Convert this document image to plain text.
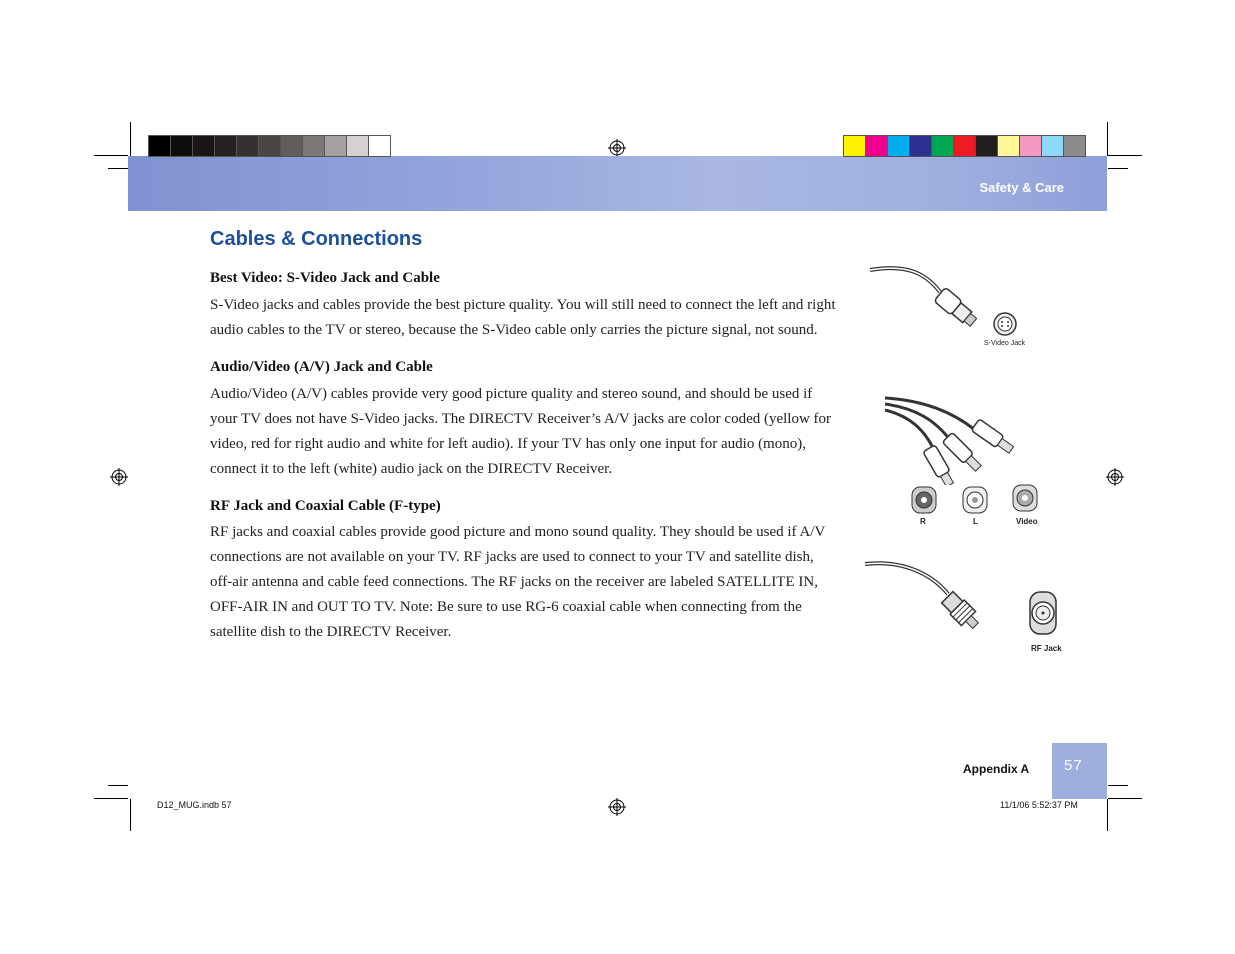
Safety & Care
Cables & Connections
Best Video: S-Video Jack and Cable
S-Video jacks and cables provide the best picture quality. You will still need to connect the left and right
audio cables to the TV or stereo, because the S-Video cable only carries the picture signal, not sound.
Audio/Video (A/V) Jack and Cable
Audio/Video (A/V) cables provide very good picture quality and stereo sound, and should be used if
your TV does not have S-Video jacks. The DIRECTV Receiver’s A/V jacks are color coded (yellow for
video, red for right audio and white for left audio). If your TV has only one input for audio (mono),
connect it to the left (white) audio jack on the DIRECTV Receiver.
RF Jack and Coaxial Cable (F-type)
RF jacks and coaxial cables provide good picture and mono sound quality. They should be used if A/V
connections are not available on your TV. RF jacks are used to connect to your TV and satellite dish,
off-air antenna and cable feed connections. The RF jacks on the receiver are labeled SATELLITE IN,
OFF-AIR IN and OUT TO TV. Note: Be sure to use RG-6 coaxial cable when connecting from the
satellite dish to the DIRECTV Receiver.
S-Video Jack
R	L	Video
RF Jack
Appendix A 57
D12_MUG.indb 57	11/1/06 5:52:37 PM
